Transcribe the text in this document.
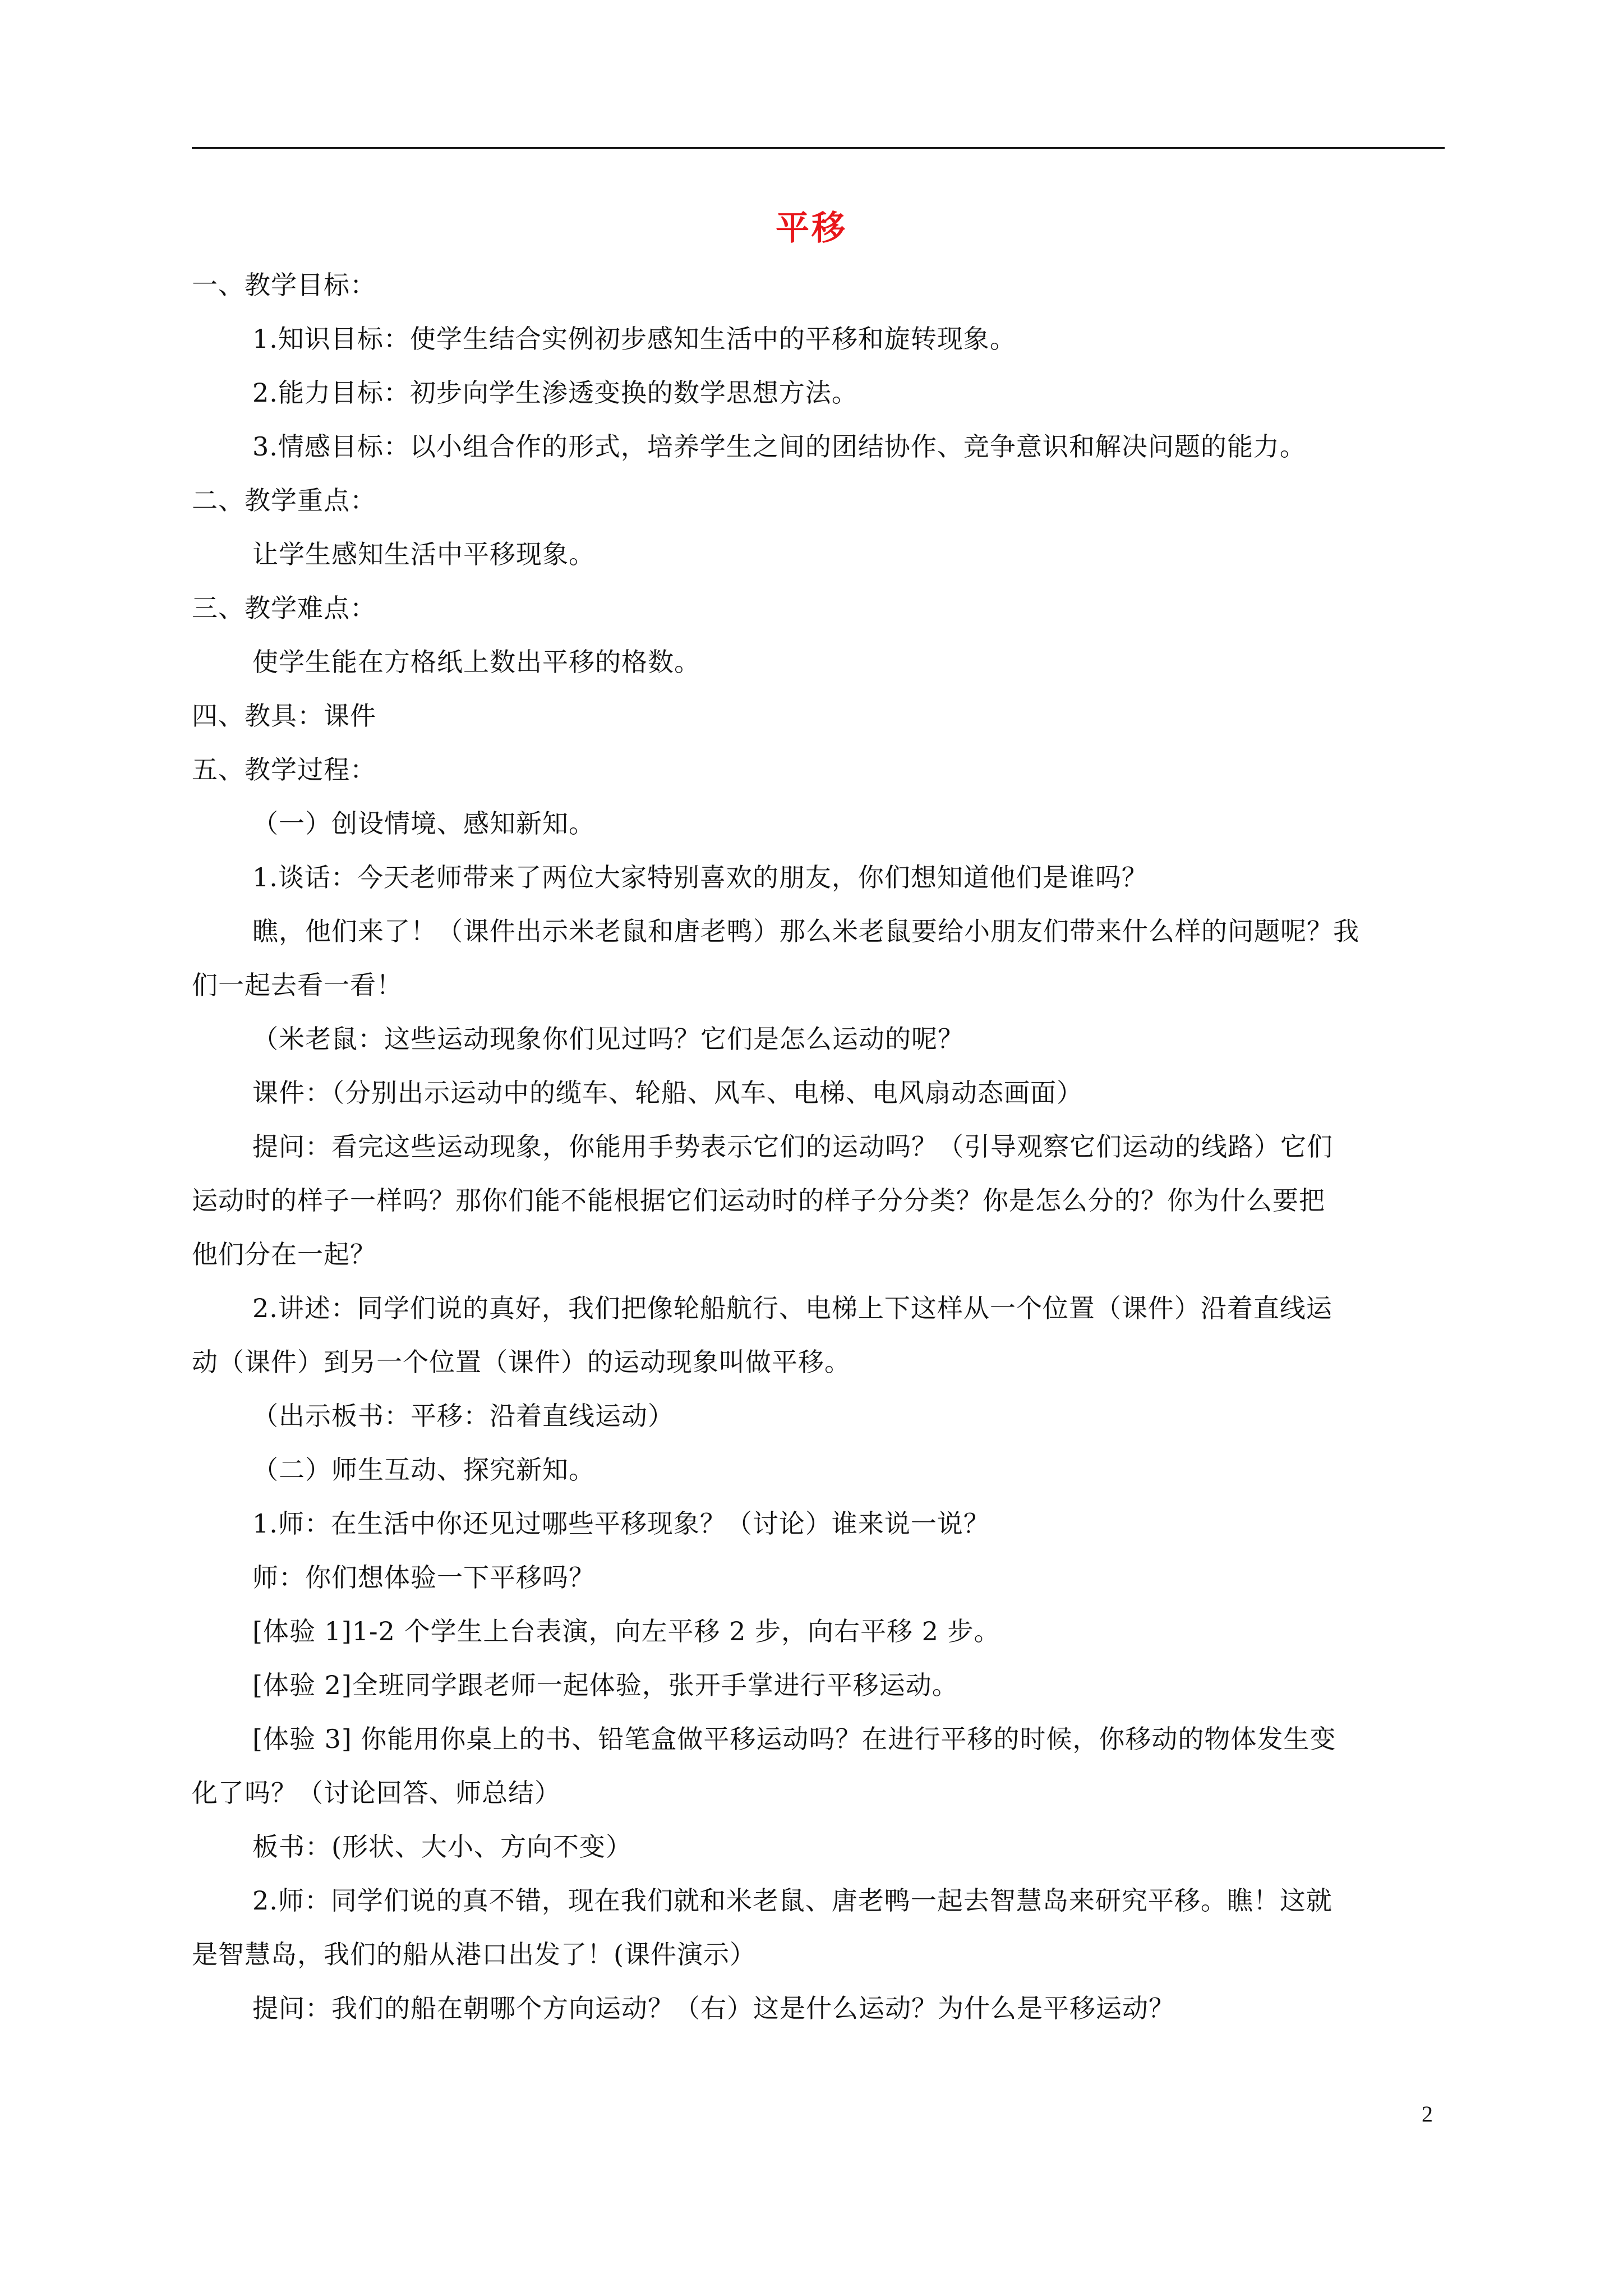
平移

一、教学目标：

1.知识目标：使学生结合实例初步感知生活中的平移和旋转现象。

2.能力目标：初步向学生渗透变换的数学思想方法。

3.情感目标：以小组合作的形式，培养学生之间的团结协作、竞争意识和解决问题的能力。

二、教学重点：

让学生感知生活中平移现象。

三、教学难点：

使学生能在方格纸上数出平移的格数。

四、教具：课件

五、教学过程：

（一）创设情境、感知新知。

1.谈话：今天老师带来了两位大家特别喜欢的朋友，你们想知道他们是谁吗？

瞧，他们来了！（课件出示米老鼠和唐老鸭）那么米老鼠要给小朋友们带来什么样的问题呢？我

们一起去看一看！

（米老鼠：这些运动现象你们见过吗？它们是怎么运动的呢？

课件：（分别出示运动中的缆车、轮船、风车、电梯、电风扇动态画面）

提问：看完这些运动现象，你能用手势表示它们的运动吗？（引导观察它们运动的线路）它们

运动时的样子一样吗？那你们能不能根据它们运动时的样子分分类？你是怎么分的？你为什么要把

他们分在一起？

2.讲述：同学们说的真好，我们把像轮船航行、电梯上下这样从一个位置（课件）沿着直线运

动（课件）到另一个位置（课件）的运动现象叫做平移。

（出示板书：平移：沿着直线运动）

（二）师生互动、探究新知。

1.师：在生活中你还见过哪些平移现象？（讨论）谁来说一说？

师：你们想体验一下平移吗？

[体验 1]1-2 个学生上台表演，向左平移 2 步，向右平移 2 步。

[体验 2]全班同学跟老师一起体验，张开手掌进行平移运动。

[体验 3] 你能用你桌上的书、铅笔盒做平移运动吗？在进行平移的时候，你移动的物体发生变

化了吗？（讨论回答、师总结）

板书：(形状、大小、方向不变）

2.师：同学们说的真不错，现在我们就和米老鼠、唐老鸭一起去智慧岛来研究平移。瞧！这就

是智慧岛，我们的船从港口出发了！(课件演示）

提问：我们的船在朝哪个方向运动？（右）这是什么运动？为什么是平移运动？

2
